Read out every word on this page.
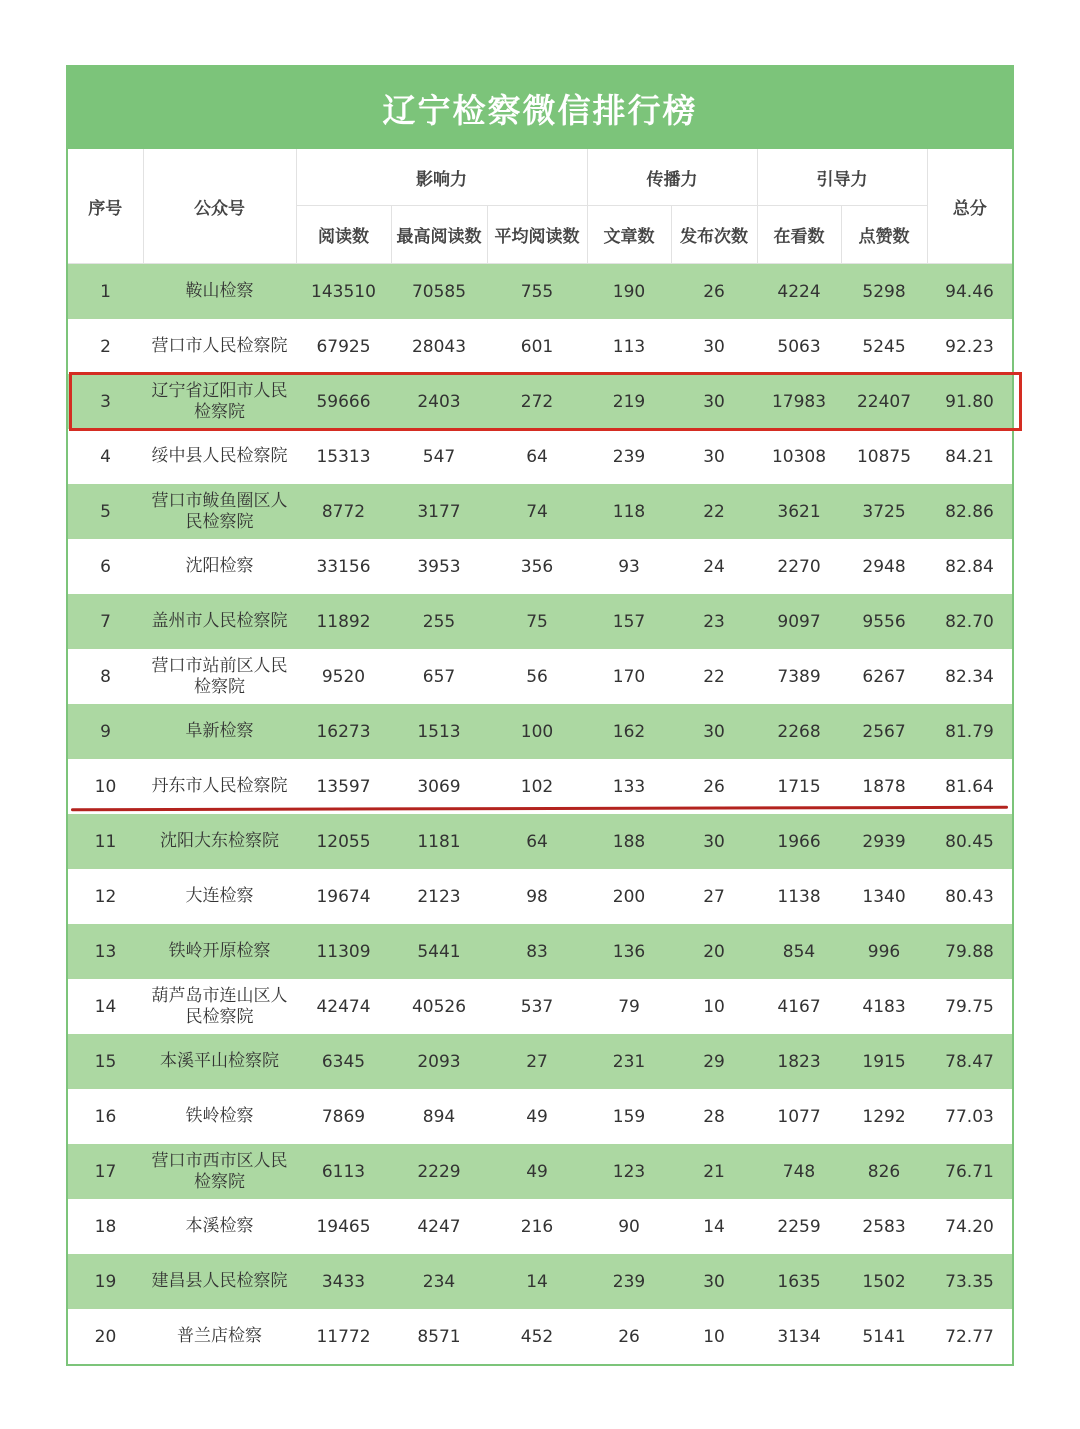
辽宁检察微信排行榜
序号	公众号	影响力			传播力		引导力		总分
		阅读数	最高阅读数	平均阅读数	文章数	发布次数	在看数	点赞数	
1	鞍山检察	143510	70585	755	190	26	4224	5298	94.46
2	营口市人民检察院	67925	28043	601	113	30	5063	5245	92.23
3	辽宁省辽阳市人民检察院	59666	2403	272	219	30	17983	22407	91.80
4	绥中县人民检察院	15313	547	64	239	30	10308	10875	84.21
5	营口市鲅鱼圈区人民检察院	8772	3177	74	118	22	3621	3725	82.86
6	沈阳检察	33156	3953	356	93	24	2270	2948	82.84
7	盖州市人民检察院	11892	255	75	157	23	9097	9556	82.70
8	营口市站前区人民检察院	9520	657	56	170	22	7389	6267	82.34
9	阜新检察	16273	1513	100	162	30	2268	2567	81.79
10	丹东市人民检察院	13597	3069	102	133	26	1715	1878	81.64
11	沈阳大东检察院	12055	1181	64	188	30	1966	2939	80.45
12	大连检察	19674	2123	98	200	27	1138	1340	80.43
13	铁岭开原检察	11309	5441	83	136	20	854	996	79.88
14	葫芦岛市连山区人民检察院	42474	40526	537	79	10	4167	4183	79.75
15	本溪平山检察院	6345	2093	27	231	29	1823	1915	78.47
16	铁岭检察	7869	894	49	159	28	1077	1292	77.03
17	营口市西市区人民检察院	6113	2229	49	123	21	748	826	76.71
18	本溪检察	19465	4247	216	90	14	2259	2583	74.20
19	建昌县人民检察院	3433	234	14	239	30	1635	1502	73.35
20	普兰店检察	11772	8571	452	26	10	3134	5141	72.77
